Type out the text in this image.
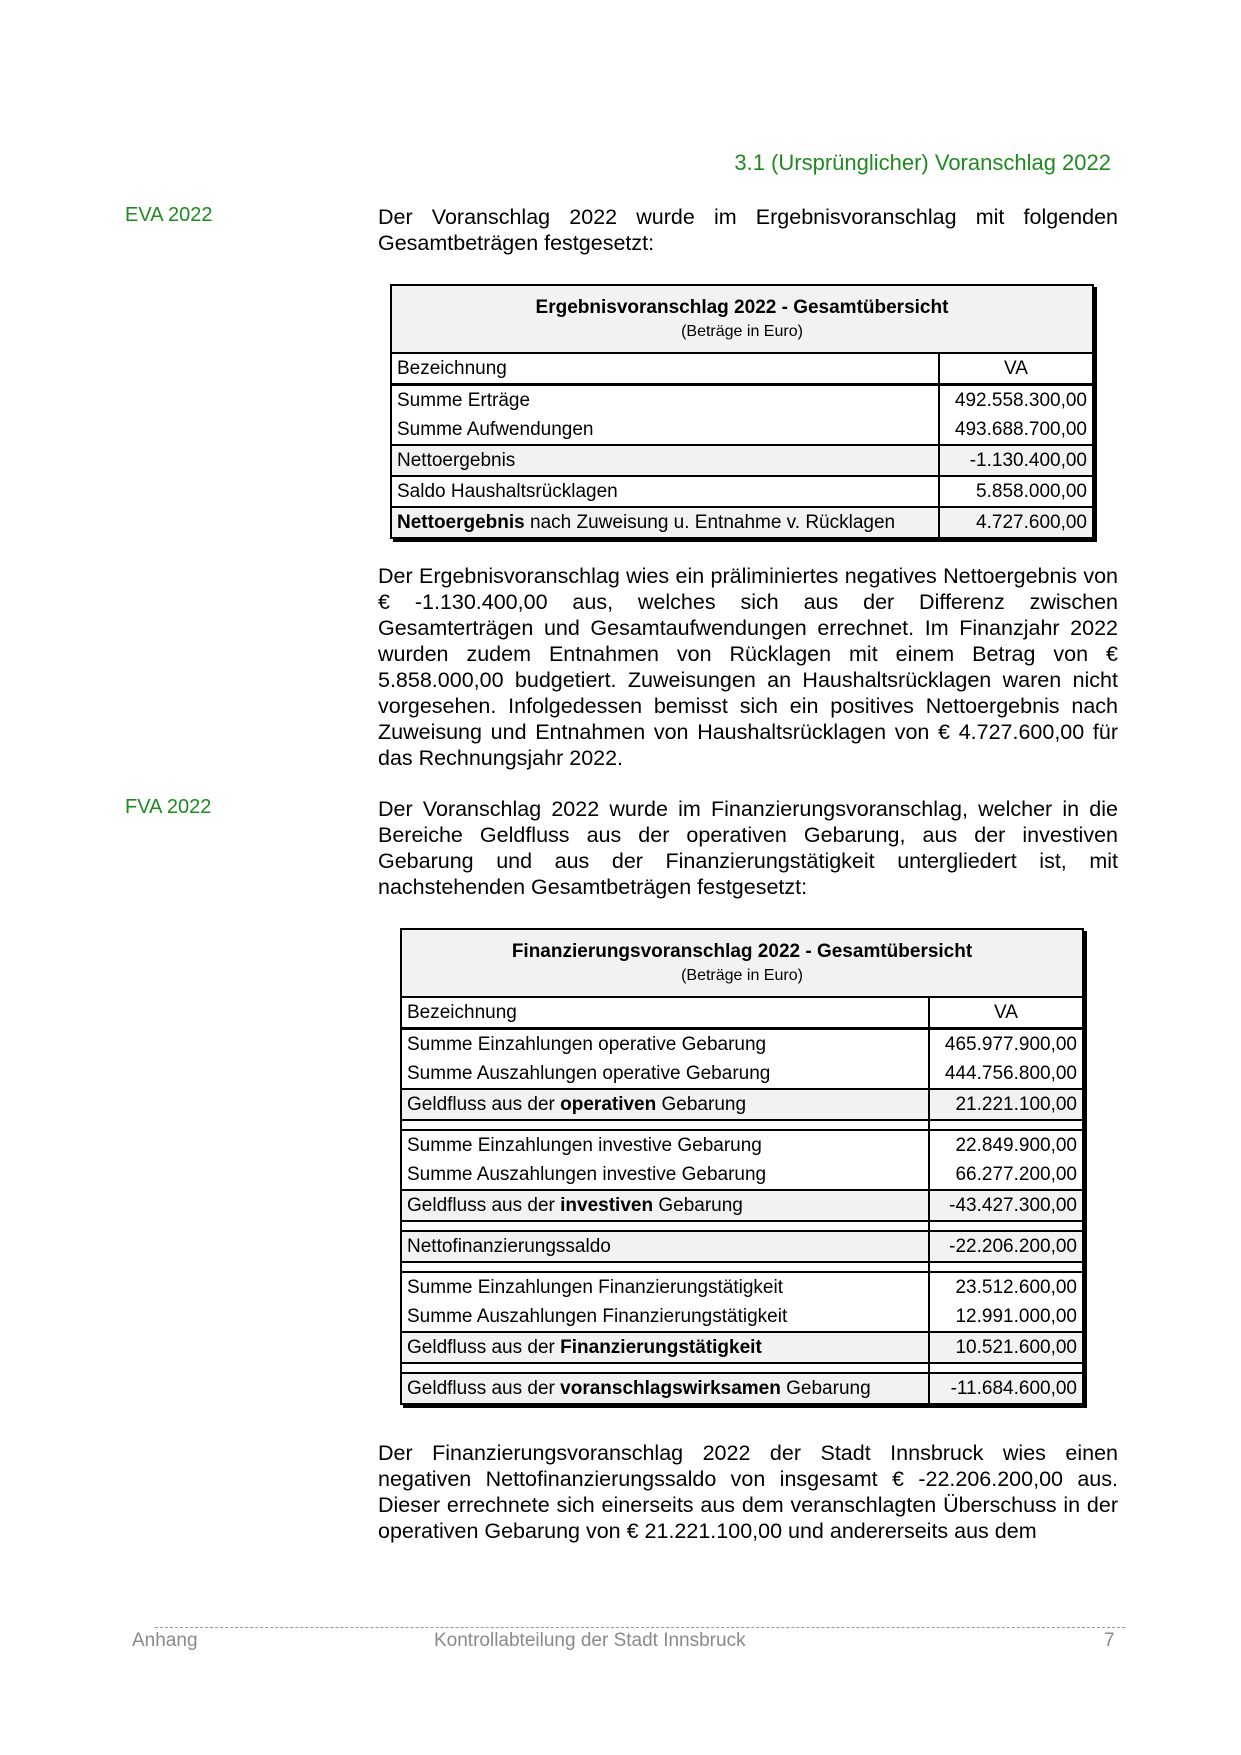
3.1 (Ursprünglicher) Voranschlag 2022
EVA 2022	Der Voranschlag 2022 wurde im Ergebnisvoranschlag mit folgenden Gesamtbeträgen festgesetzt:

Ergebnisvoranschlag 2022 - Gesamtübersicht
(Beträge in Euro)	

Bezeichnung	VA
Summe Erträge	492.558.300,00
Summe Aufwendungen	493.688.700,00
Nettoergebnis	-1.130.400,00
Saldo Haushaltsrücklagen	5.858.000,00
Nettoergebnis nach Zuweisung u. Entnahme v. Rücklagen	4.727.600,00

Der Ergebnisvoranschlag wies ein präliminiertes negatives Nettoergebnis von € -1.130.400,00 aus, welches sich aus der Differenz zwischen Gesamterträgen und Gesamtaufwendungen errechnet. Im Finanzjahr 2022 wurden zudem Entnahmen von Rücklagen mit einem Betrag von € 5.858.000,00 budgetiert. Zuweisungen an Haushaltsrücklagen waren nicht vorgesehen. Infolgedessen bemisst sich ein positives Nettoergebnis nach Zuweisung und Entnahmen von Haushaltsrücklagen von € 4.727.600,00 für das Rechnungsjahr 2022.

FVA 2022	Der Voranschlag 2022 wurde im Finanzierungsvoranschlag, welcher in die Bereiche Geldfluss aus der operativen Gebarung, aus der investiven Gebarung und aus der Finanzierungstätigkeit untergliedert ist, mit nachstehenden Gesamtbeträgen festgesetzt:

Finanzierungsvoranschlag 2022 - Gesamtübersicht
(Beträge in Euro)	

Bezeichnung	VA
Summe Einzahlungen operative Gebarung	465.977.900,00
Summe Auszahlungen operative Gebarung	444.756.800,00
Geldfluss aus der operativen Gebarung	21.221.100,00

Summe Einzahlungen investive Gebarung	22.849.900,00
Summe Auszahlungen investive Gebarung	66.277.200,00
Geldfluss aus der investiven Gebarung	-43.427.300,00

Nettofinanzierungssaldo	-22.206.200,00

Summe Einzahlungen Finanzierungstätigkeit	23.512.600,00
Summe Auszahlungen Finanzierungstätigkeit	12.991.000,00
Geldfluss aus der Finanzierungstätigkeit	10.521.600,00

Geldfluss aus der voranschlagswirksamen Gebarung	-11.684.600,00

Der Finanzierungsvoranschlag 2022 der Stadt Innsbruck wies einen negativen Nettofinanzierungssaldo von insgesamt € -22.206.200,00 aus. Dieser errechnete sich einerseits aus dem veranschlagten Überschuss in der operativen Gebarung von € 21.221.100,00 und andererseits aus dem

Anhang	Kontrollabteilung der Stadt Innsbruck	7
